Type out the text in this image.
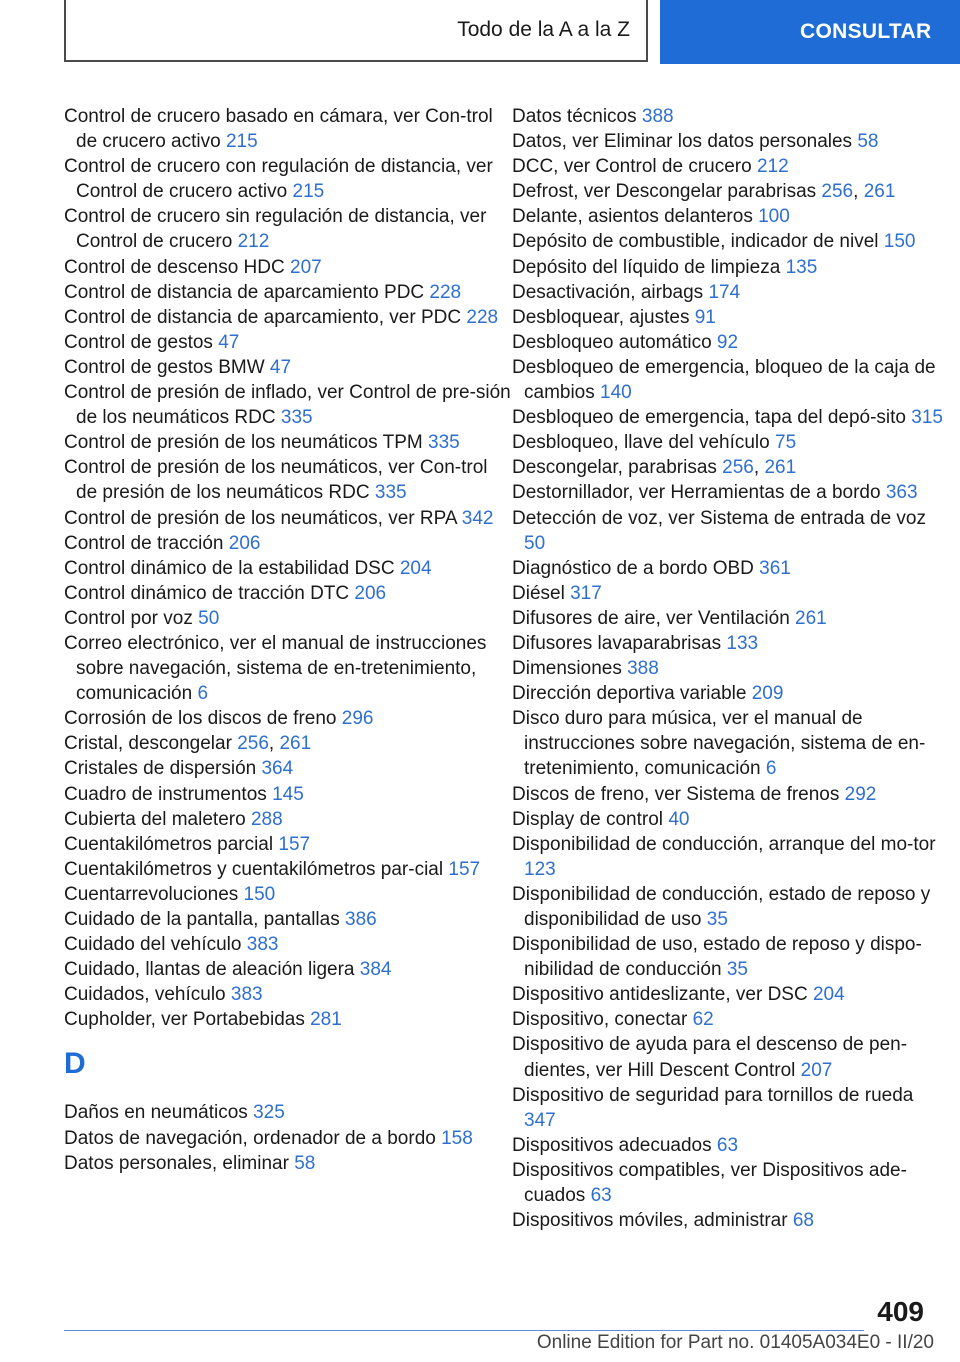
Todo de la A a la Z	CONSULTAR

Control de crucero basado en cámara, ver Con-trol de crucero activo 215

Control de crucero con regulación de distancia, ver Control de crucero activo 215

Control de crucero sin regulación de distancia, ver Control de crucero 212

Control de descenso HDC 207

Control de distancia de aparcamiento PDC 228

Control de distancia de aparcamiento, ver PDC 228

Control de gestos 47

Control de gestos BMW 47

Control de presión de inflado, ver Control de pre-sión de los neumáticos RDC 335

Control de presión de los neumáticos TPM 335

Control de presión de los neumáticos, ver Con-trol de presión de los neumáticos RDC 335

Control de presión de los neumáticos, ver RPA 342

Control de tracción 206

Control dinámico de la estabilidad DSC 204

Control dinámico de tracción DTC 206

Control por voz 50

Correo electrónico, ver el manual de instrucciones sobre navegación, sistema de en-tretenimiento, comunicación 6

Corrosión de los discos de freno 296

Cristal, descongelar 256, 261

Cristales de dispersión 364

Cuadro de instrumentos 145

Cubierta del maletero 288

Cuentakilómetros parcial 157

Cuentakilómetros y cuentakilómetros par-cial 157

Cuentarrevoluciones 150

Cuidado de la pantalla, pantallas 386

Cuidado del vehículo 383

Cuidado, llantas de aleación ligera 384

Cuidados, vehículo 383

Cupholder, ver Portabebidas 281

D

Daños en neumáticos 325

Datos de navegación, ordenador de a bordo 158

Datos personales, eliminar 58

Datos técnicos 388

Datos, ver Eliminar los datos personales 58

DCC, ver Control de crucero 212

Defrost, ver Descongelar parabrisas 256, 261

Delante, asientos delanteros 100

Depósito de combustible, indicador de nivel 150

Depósito del líquido de limpieza 135

Desactivación, airbags 174

Desbloquear, ajustes 91

Desbloqueo automático 92

Desbloqueo de emergencia, bloqueo de la caja de cambios 140

Desbloqueo de emergencia, tapa del depó-sito 315

Desbloqueo, llave del vehículo 75

Descongelar, parabrisas 256, 261

Destornillador, ver Herramientas de a bordo 363

Detección de voz, ver Sistema de entrada de voz 50

Diagnóstico de a bordo OBD 361

Diésel 317

Difusores de aire, ver Ventilación 261

Difusores lavaparabrisas 133

Dimensiones 388

Dirección deportiva variable 209

Disco duro para música, ver el manual de instrucciones sobre navegación, sistema de en-tretenimiento, comunicación 6

Discos de freno, ver Sistema de frenos 292

Display de control 40

Disponibilidad de conducción, arranque del mo-tor 123

Disponibilidad de conducción, estado de reposo y disponibilidad de uso 35

Disponibilidad de uso, estado de reposo y dispo-nibilidad de conducción 35

Dispositivo antideslizante, ver DSC 204

Dispositivo, conectar 62

Dispositivo de ayuda para el descenso de pen-dientes, ver Hill Descent Control 207

Dispositivo de seguridad para tornillos de rueda 347

Dispositivos adecuados 63

Dispositivos compatibles, ver Dispositivos ade-cuados 63

Dispositivos móviles, administrar 68

409
Online Edition for Part no. 01405A034E0 - II/20
